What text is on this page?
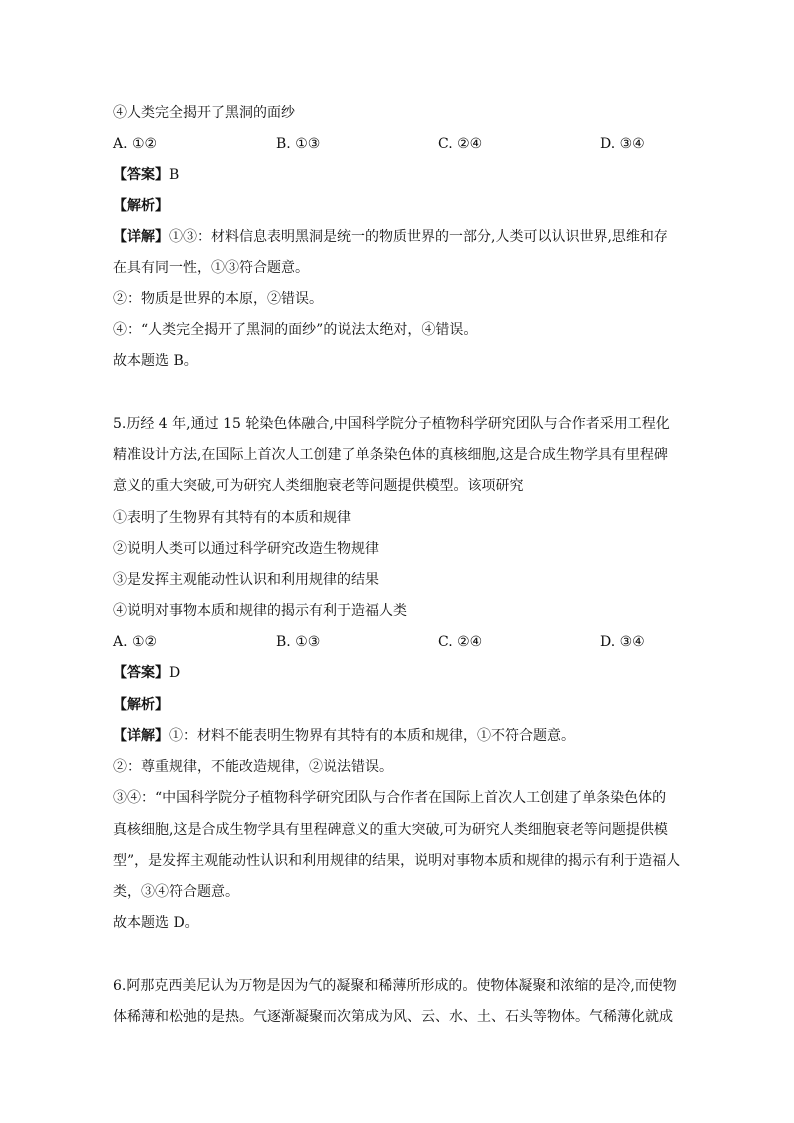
④人类完全揭开了黑洞的面纱
A. ①②	B. ①③	C. ②④	D. ③④
【答案】B
【解析】
【详解】①③：材料信息表明黑洞是统一的物质世界的一部分,人类可以认识世界,思维和存
在具有同一性，①③符合题意。
②：物质是世界的本原，②错误。
④：“人类完全揭开了黑洞的面纱”的说法太绝对，④错误。
故本题选 B。
5.历经 4 年,通过 15 轮染色体融合,中国科学院分子植物科学研究团队与合作者采用工程化
精准设计方法,在国际上首次人工创建了单条染色体的真核细胞,这是合成生物学具有里程碑
意义的重大突破,可为研究人类细胞衰老等问题提供模型。该项研究
①表明了生物界有其特有的本质和规律
②说明人类可以通过科学研究改造生物规律
③是发挥主观能动性认识和利用规律的结果
④说明对事物本质和规律的揭示有利于造福人类
A. ①②	B. ①③	C. ②④	D. ③④
【答案】D
【解析】
【详解】①：材料不能表明生物界有其特有的本质和规律，①不符合题意。
②：尊重规律，不能改造规律，②说法错误。
③④：“中国科学院分子植物科学研究团队与合作者在国际上首次人工创建了单条染色体的
真核细胞,这是合成生物学具有里程碑意义的重大突破,可为研究人类细胞衰老等问题提供模
型”，是发挥主观能动性认识和利用规律的结果，说明对事物本质和规律的揭示有利于造福人
类，③④符合题意。
故本题选 D。
6.阿那克西美尼认为万物是因为气的凝聚和稀薄所形成的。使物体凝聚和浓缩的是冷,而使物
体稀薄和松弛的是热。气逐渐凝聚而次第成为风、云、水、土、石头等物体。气稀薄化就成
